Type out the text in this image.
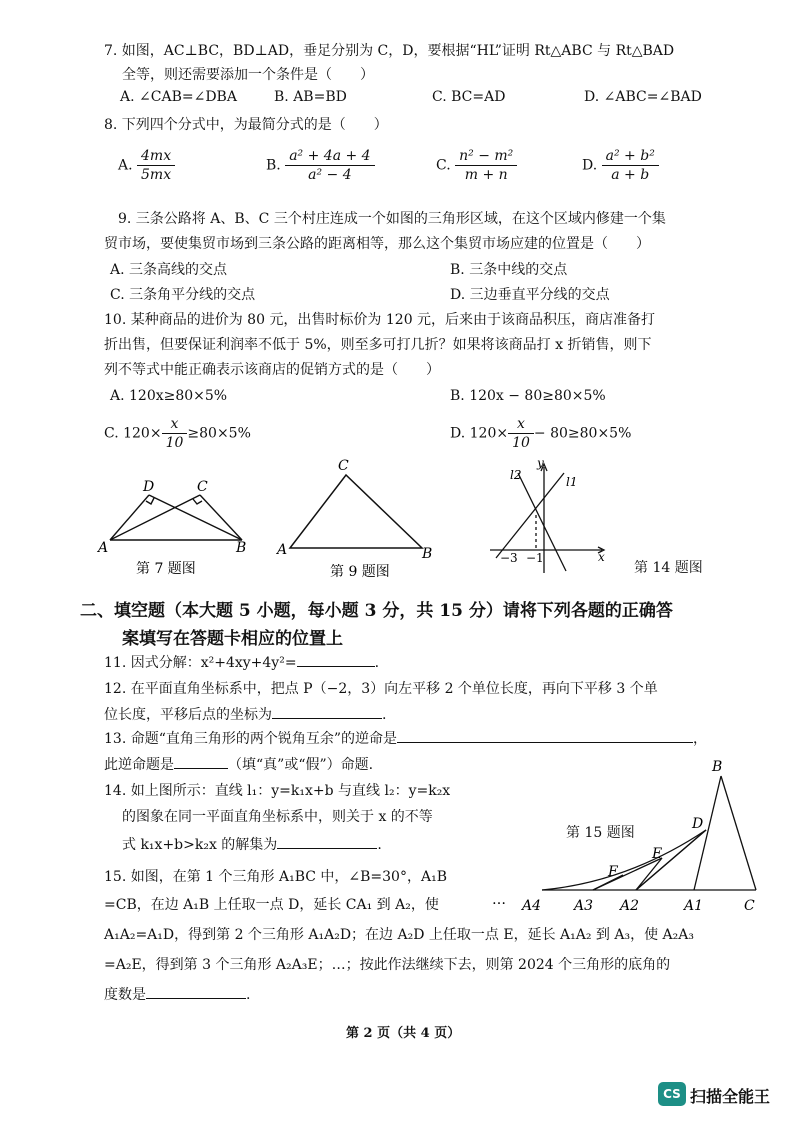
7. 如图，AC⊥BC，BD⊥AD，垂足分别为 C，D，要根据“HL”证明 Rt△ABC 与 Rt△BAD
全等，则还需要添加一个条件是（　　）
A. ∠CAB=∠DBA	B. AB=BD	C. BC=AD	D. ∠ABC=∠BAD
8. 下列四个分式中，为最简分式的是（　　）
A. $\frac{4mx}{5mx}$	B. $\frac{\text{a² + 4a + 4}}{\text{a² − 4}}$	C. $\frac{\text{n² − m²}}{m + n}$	D. $\frac{\text{a² + b²}}{a + b}$
9. 三条公路将 A、B、C 三个村庄连成一个如图的三角形区域，在这个区域内修建一个集
贸市场，要使集贸市场到三条公路的距离相等，那么这个集贸市场应建的位置是（　　）
A. 三条高线的交点	B. 三条中线的交点
C. 三条角平分线的交点	D. 三边垂直平分线的交点
10. 某种商品的进价为 80 元，出售时标价为 120 元，后来由于该商品积压，商店准备打
折出售，但要保证利润率不低于 5%，则至多可打几折？如果将该商品打 x 折销售，则下
列不等式中能正确表示该商店的促销方式的是（　　）
A. 120x≥80×5%	B. 120x − 80≥80×5%
C. $120\times \frac{x}{10} \ge 80\times 5\%$	D. $120\times \frac{x}{10} - 80\ge 80\times 5\%$
D	C
A	B
第 7 题图
C
A	B
第 9 题图
l2
y
l1
−3 −1	x
第 14 题图
二、填空题（本大题 5 小题，每小题 3 分，共 15 分）请将下列各题的正确答
案填写在答题卡相应的位置上
11. 因式分解：x²+4xy+4y²=	.
12. 在平面直角坐标系中，把点 P（−2，3）向左平移 2 个单位长度，再向下平移 3 个单
位长度，平移后点的坐标为	.
13. 命题“直角三角形的两个锐角互余”的逆命是	，
此逆命题是	（填“真”或“假”）命题.
14. 如上图所示：直线 l₁：y=k₁x+b 与直线 l₂：y=k₂x
的图象在同一平面直角坐标系中，则关于 x 的不等
式 k₁x+b>k₂x 的解集为	.
B
D
E
F
… A4 A3 A2	A1	C
第 15 题图
15. 如图，在第 1 个三角形 A₁BC 中，∠B=30°，A₁B
=CB，在边 A₁B 上任取一点 D，延长 CA₁ 到 A₂，使
A₁A₂=A₁D，得到第 2 个三角形 A₁A₂D；在边 A₂D 上任取一点 E，延长 A₁A₂ 到 A₃，使 A₂A₃
=A₂E，得到第 3 个三角形 A₂A₃E；…；按此作法继续下去，则第 2024 个三角形的底角的
度数是	.
第 2 页（共 4 页）
CS 扫描全能王
